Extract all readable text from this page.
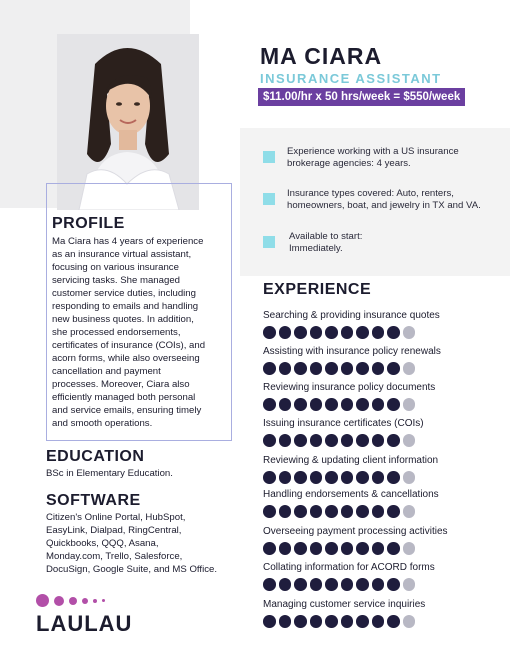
MA CIARA
INSURANCE ASSISTANT
$11.00/hr x 50 hrs/week = $550/week
Experience working with a US insurance
brokerage agencies: 4 years.
Insurance types covered: Auto, renters,
homeowners, boat, and jewelry in TX and VA.
Available to start:
Immediately.
PROFILE
Ma Ciara has 4 years of experience
as an insurance virtual assistant,
focusing on various insurance
servicing tasks. She managed
customer service duties, including
responding to emails and handling
new business quotes. In addition,
she processed endorsements,
certificates of insurance (COIs), and
acorn forms, while also overseeing
cancellation and payment
processes. Moreover, Ciara also
efficiently managed both personal
and service emails, ensuring timely
and smooth operations.
EDUCATION
BSc in Elementary Education.
SOFTWARE
Citizen's Online Portal, HubSpot,
EasyLink, Dialpad, RingCentral,
Quickbooks, QQQ, Asana,
Monday.com, Trello, Salesforce,
DocuSign, Google Suite, and MS Office.
LAULAU
EXPERIENCE
Searching & providing insurance quotes
Assisting with insurance policy renewals
Reviewing insurance policy documents
Issuing insurance certificates (COIs)
Reviewing & updating client information
Handling endorsements & cancellations
Overseeing payment processing activities
Collating information for ACORD forms
Managing customer service inquiries
